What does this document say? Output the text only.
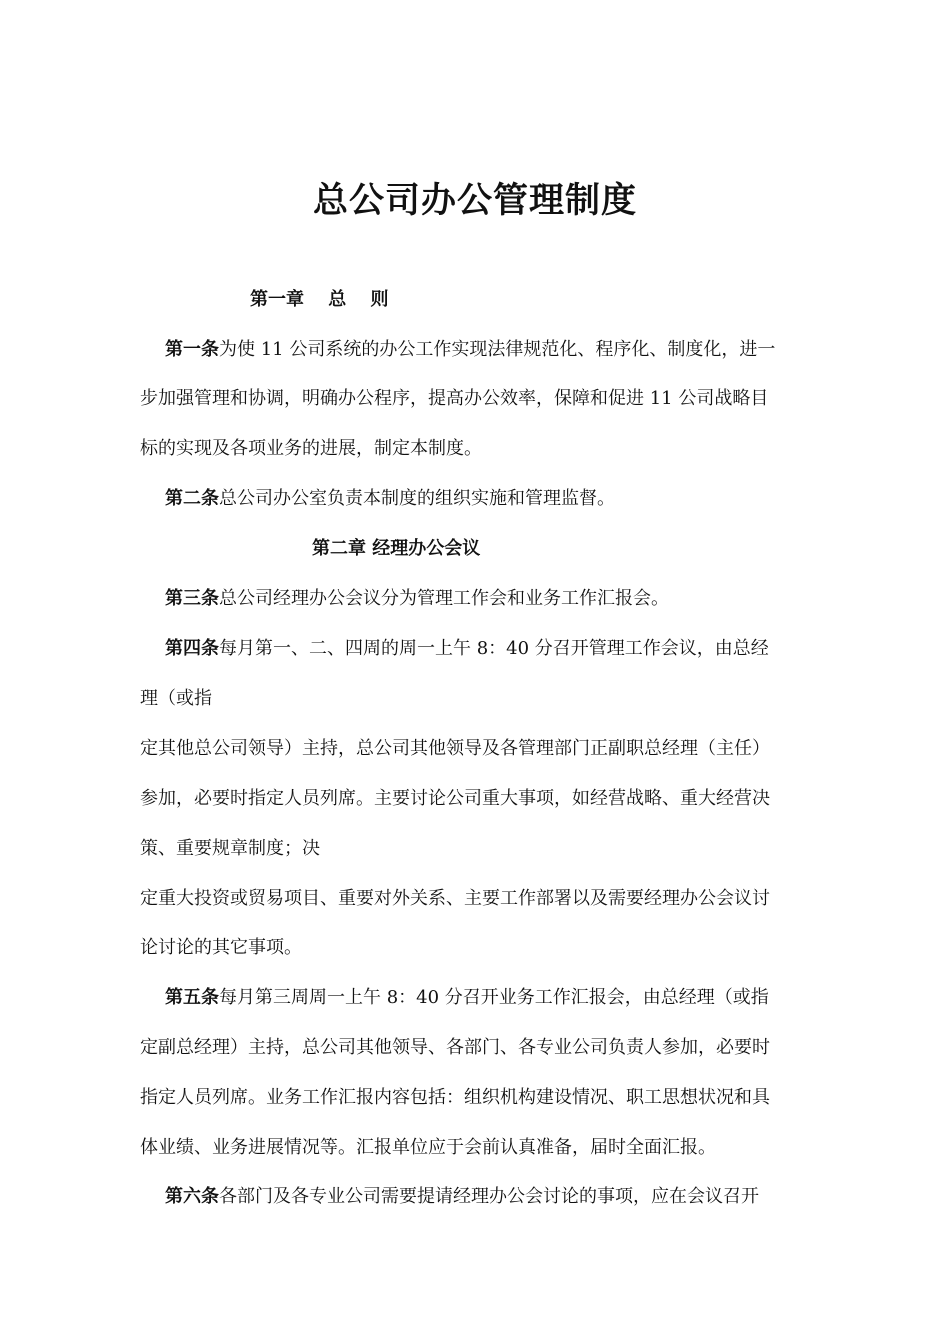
总公司办公管理制度
第一章　 总　 则
第一条为使 11 公司系统的办公工作实现法律规范化、程序化、制度化，进一
步加强管理和协调，明确办公程序，提高办公效率，保障和促进 11 公司战略目
标的实现及各项业务的进展，制定本制度。
第二条总公司办公室负责本制度的组织实施和管理监督。
第二章 经理办公会议
第三条总公司经理办公会议分为管理工作会和业务工作汇报会。
第四条每月第一、二、四周的周一上午 8：40 分召开管理工作会议，由总经
理（或指
定其他总公司领导）主持，总公司其他领导及各管理部门正副职总经理（主任）
参加，必要时指定人员列席。主要讨论公司重大事项，如经营战略、重大经营决
策、重要规章制度；决
定重大投资或贸易项目、重要对外关系、主要工作部署以及需要经理办公会议讨
论讨论的其它事项。
第五条每月第三周周一上午 8：40 分召开业务工作汇报会，由总经理（或指
定副总经理）主持，总公司其他领导、各部门、各专业公司负责人参加，必要时
指定人员列席。业务工作汇报内容包括：组织机构建设情况、职工思想状况和具
体业绩、业务进展情况等。汇报单位应于会前认真准备，届时全面汇报。
第六条各部门及各专业公司需要提请经理办公会讨论的事项，应在会议召开
